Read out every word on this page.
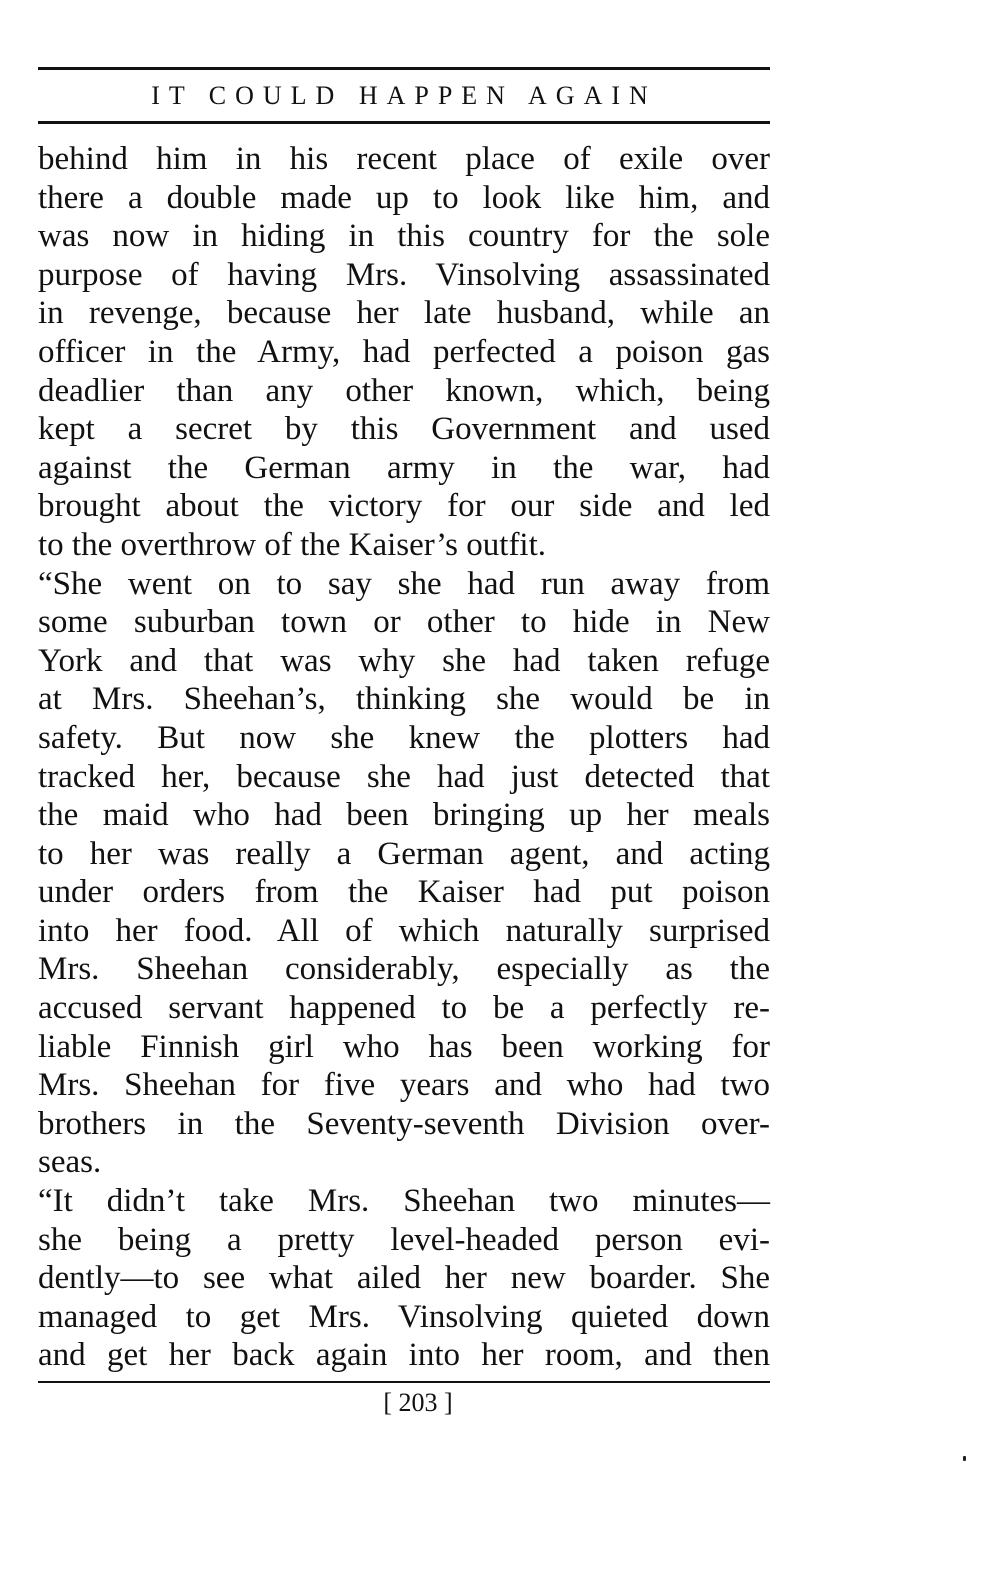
IT COULD HAPPEN AGAIN
behind him in his recent place of exile over
there a double made up to look like him, and
was now in hiding in this country for the sole
purpose of having Mrs. Vinsolving assassinated
in revenge, because her late husband, while an
officer in the Army, had perfected a poison gas
deadlier than any other known, which, being
kept a secret by this Government and used
against the German army in the war, had
brought about the victory for our side and led
to the overthrow of the Kaiser’s outfit.
“She went on to say she had run away from
some suburban town or other to hide in New
York and that was why she had taken refuge
at Mrs. Sheehan’s, thinking she would be in
safety. But now she knew the plotters had
tracked her, because she had just detected that
the maid who had been bringing up her meals
to her was really a German agent, and acting
under orders from the Kaiser had put poison
into her food. All of which naturally surprised
Mrs. Sheehan considerably, especially as the
accused servant happened to be a perfectly re-
liable Finnish girl who has been working for
Mrs. Sheehan for five years and who had two
brothers in the Seventy-seventh Division over-
seas.
“It didn’t take Mrs. Sheehan two minutes—
she being a pretty level-headed person evi-
dently—to see what ailed her new boarder. She
managed to get Mrs. Vinsolving quieted down
and get her back again into her room, and then
[ 203 ]
